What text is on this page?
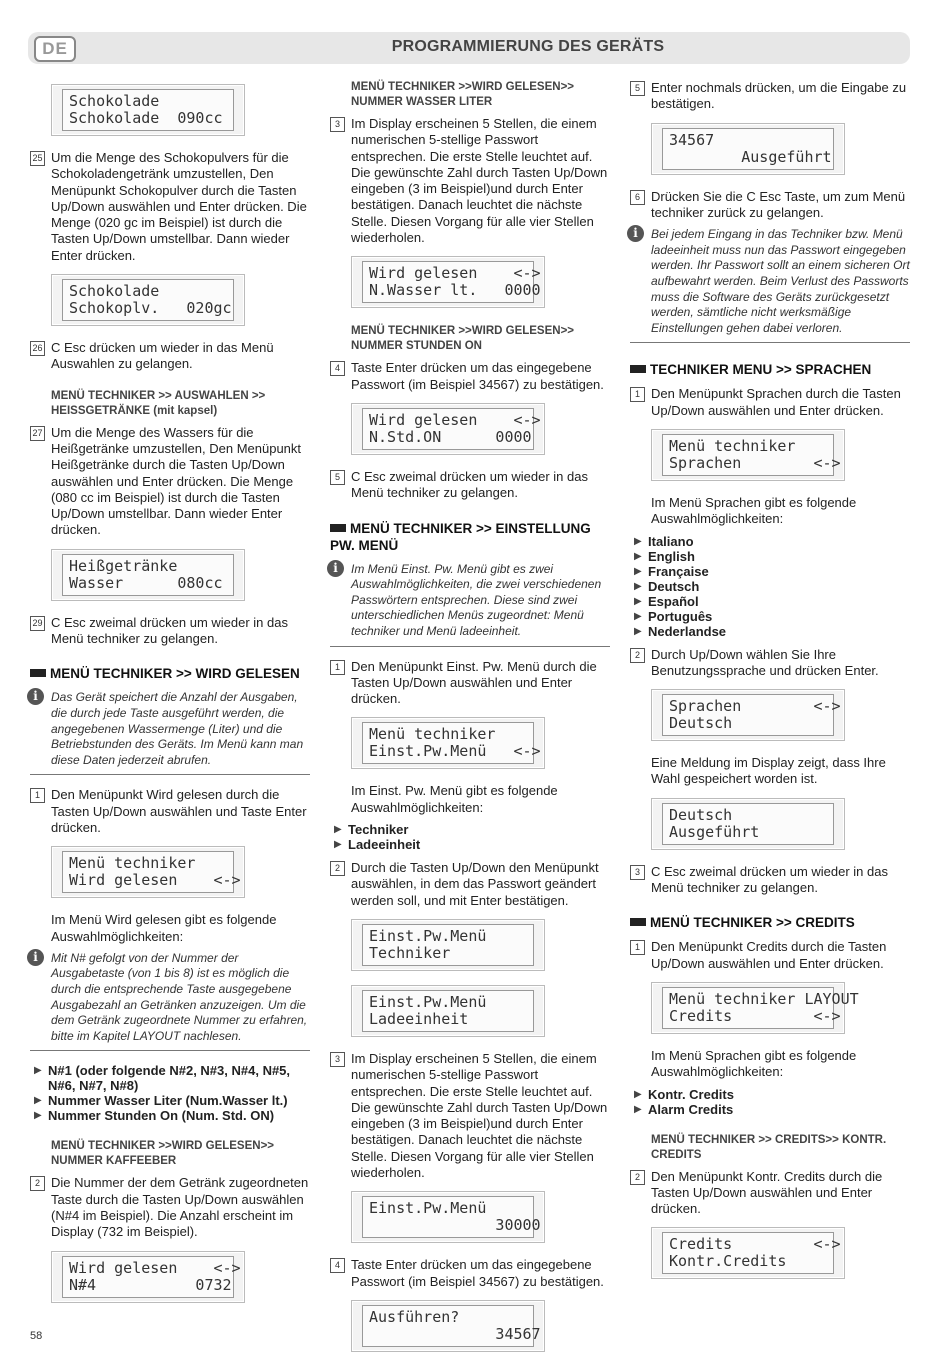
DE	PROGRAMMIERUNG DES GERÄTS
Schokolade
Schokolade  090cc
25 Um die Menge des Schokopulvers für die Schokoladengetränk umzustellen, Den Menüpunkt Schokopulver durch die Tasten Up/Down auswählen und Enter drücken. Die Menge (020 gc im Beispiel) ist durch die Tasten Up/Down umstellbar. Dann wieder Enter drücken.
Schokolade
Schokoplv.   020gc
26 C Esc drücken um wieder in das Menü Auswahlen zu gelangen.
MENÜ TECHNIKER >> AUSWAHLEN >> HEISSGETRÄNKE (mit kapsel)
27 Um die Menge des Wassers für die Heißgetränke umzustellen, Den Menüpunkt Heißgetränke durch die Tasten Up/Down auswählen und Enter drücken. Die Menge (080 cc im Beispiel) ist durch die Tasten Up/Down umstellbar. Dann wieder Enter drücken.
Heißgetränke
Wasser      080cc
29 C Esc zweimal drücken um wieder in das Menü techniker zu gelangen.
MENÜ TECHNIKER >> WIRD GELESEN
i	Das Gerät speichert die Anzahl der Ausgaben, die durch jede Taste ausgeführt werden, die angegebenen Wassermenge (Liter) und die Betriebstunden des Geräts. Im Menü kann man diese Daten jederzeit abrufen.
1 Den Menüpunkt Wird gelesen durch die Tasten Up/Down auswählen und Taste Enter drücken.
Menü techniker
Wird gelesen    <->
Im Menü Wird gelesen gibt es folgende Auswahlmöglichkeiten:
i	Mit N# gefolgt von der Nummer der Ausgabetaste (von 1 bis 8) ist es möglich die durch die entsprechende Taste ausgegebene Ausgabezahl an Getränken anzuzeigen. Um die dem Getränk zugeordnete Nummer zu erfahren, bitte im Kapitel LAYOUT nachlesen.
▶ N#1 (oder folgende N#2, N#3, N#4, N#5, N#6, N#7, N#8)
▶ Nummer Wasser Liter (Num.Wasser lt.)
▶ Nummer Stunden On (Num. Std. ON)
MENÜ TECHNIKER >>WIRD GELESEN>> NUMMER KAFFEEBER
2 Die Nummer der dem Getränk zugeordneten Taste durch die Tasten Up/Down auswählen (N#4 im Beispiel). Die Anzahl erscheint im Display (732 im Beispiel).
Wird gelesen    <->
N#4           0732
MENÜ TECHNIKER >>WIRD GELESEN>> NUMMER WASSER LITER
3 Im Display erscheinen 5 Stellen, die einem numerischen 5-stellige Passwort entsprechen. Die erste Stelle leuchtet auf. Die gewünschte Zahl durch Tasten Up/Down eingeben (3 im Beispiel)und durch Enter bestätigen. Danach leuchtet die nächste Stelle. Diesen Vorgang für alle vier Stellen wiederholen.
Wird gelesen    <->
N.Wasser lt.   0000
MENÜ TECHNIKER >>WIRD GELESEN>> NUMMER STUNDEN ON
4 Taste Enter drücken um das eingegebene Passwort (im Beispiel 34567) zu bestätigen.
Wird gelesen    <->
N.Std.ON      0000
5 C Esc zweimal drücken um wieder in das Menü techniker zu gelangen.
MENÜ TECHNIKER >> EINSTELLUNG PW. MENÜ
i	Im Menü Einst. Pw. Menü gibt es zwei Auswahlmöglichkeiten, die zwei verschiedenen Passwörtern entsprechen. Diese sind zwei unterschiedlichen Menüs zugeordnet: Menü techniker und Menü ladeeinheit.
1 Den Menüpunkt Einst. Pw. Menü durch die Tasten Up/Down auswählen und Enter drücken.
Menü techniker
Einst.Pw.Menü   <->
Im Einst. Pw. Menü gibt es folgende Auswahlmöglichkeiten:
▶ Techniker
▶ Ladeeinheit
2 Durch die Tasten Up/Down den Menüpunkt auswählen, in dem das Passwort geändert werden soll, und mit Enter bestätigen.
Einst.Pw.Menü
Techniker
Einst.Pw.Menü
Ladeeinheit
3 Im Display erscheinen 5 Stellen, die einem numerischen 5-stellige Passwort entsprechen. Die erste Stelle leuchtet auf. Die gewünschte Zahl durch Tasten Up/Down eingeben (3 im Beispiel)und durch Enter bestätigen. Danach leuchtet die nächste Stelle. Diesen Vorgang für alle vier Stellen wiederholen.
Einst.Pw.Menü
30000
4 Taste Enter drücken um das eingegebene Passwort (im Beispiel 34567) zu bestätigen.
Ausführen?
34567
5 Enter nochmals drücken, um die Eingabe zu bestätigen.
34567
Ausgeführt
6 Drücken Sie die C Esc Taste, um zum Menü techniker zurück zu gelangen.
i	Bei jedem Eingang in das Techniker bzw. Menü ladeeinheit muss nun das Passwort eingegeben werden. Ihr Passwort sollt an einem sicheren Ort aufbewahrt werden. Beim Verlust des Passworts muss die Software des Geräts zurückgesetzt werden, sämtliche nicht werksmäßige Einstellungen gehen dabei verloren.
TECHNIKER MENU >> SPRACHEN
1 Den Menüpunkt Sprachen durch die Tasten Up/Down auswählen und Enter drücken.
Menü techniker
Sprachen        <->
Im Menü Sprachen gibt es folgende Auswahlmöglichkeiten:
▶ Italiano
▶ English
▶ Française
▶ Deutsch
▶ Español
▶ Português
▶ Nederlandse
2 Durch Up/Down wählen Sie Ihre Benutzungssprache und drücken Enter.
Sprachen        <->
Deutsch
Eine Meldung im Display zeigt, dass Ihre Wahl gespeichert worden ist.
Deutsch
Ausgeführt
3 C Esc zweimal drücken um wieder in das Menü techniker zu gelangen.
MENÜ TECHNIKER >> CREDITS
1 Den Menüpunkt Credits durch die Tasten Up/Down auswählen und Enter drücken.
Menü techniker LAYOUT
Credits         <->
Im Menü Sprachen gibt es folgende Auswahlmöglichkeiten:
▶ Kontr. Credits
▶ Alarm Credits
MENÜ TECHNIKER >> CREDITS>> KONTR. CREDITS
2 Den Menüpunkt Kontr. Credits durch die Tasten Up/Down auswählen und Enter drücken.
Credits         <->
Kontr.Credits
58
